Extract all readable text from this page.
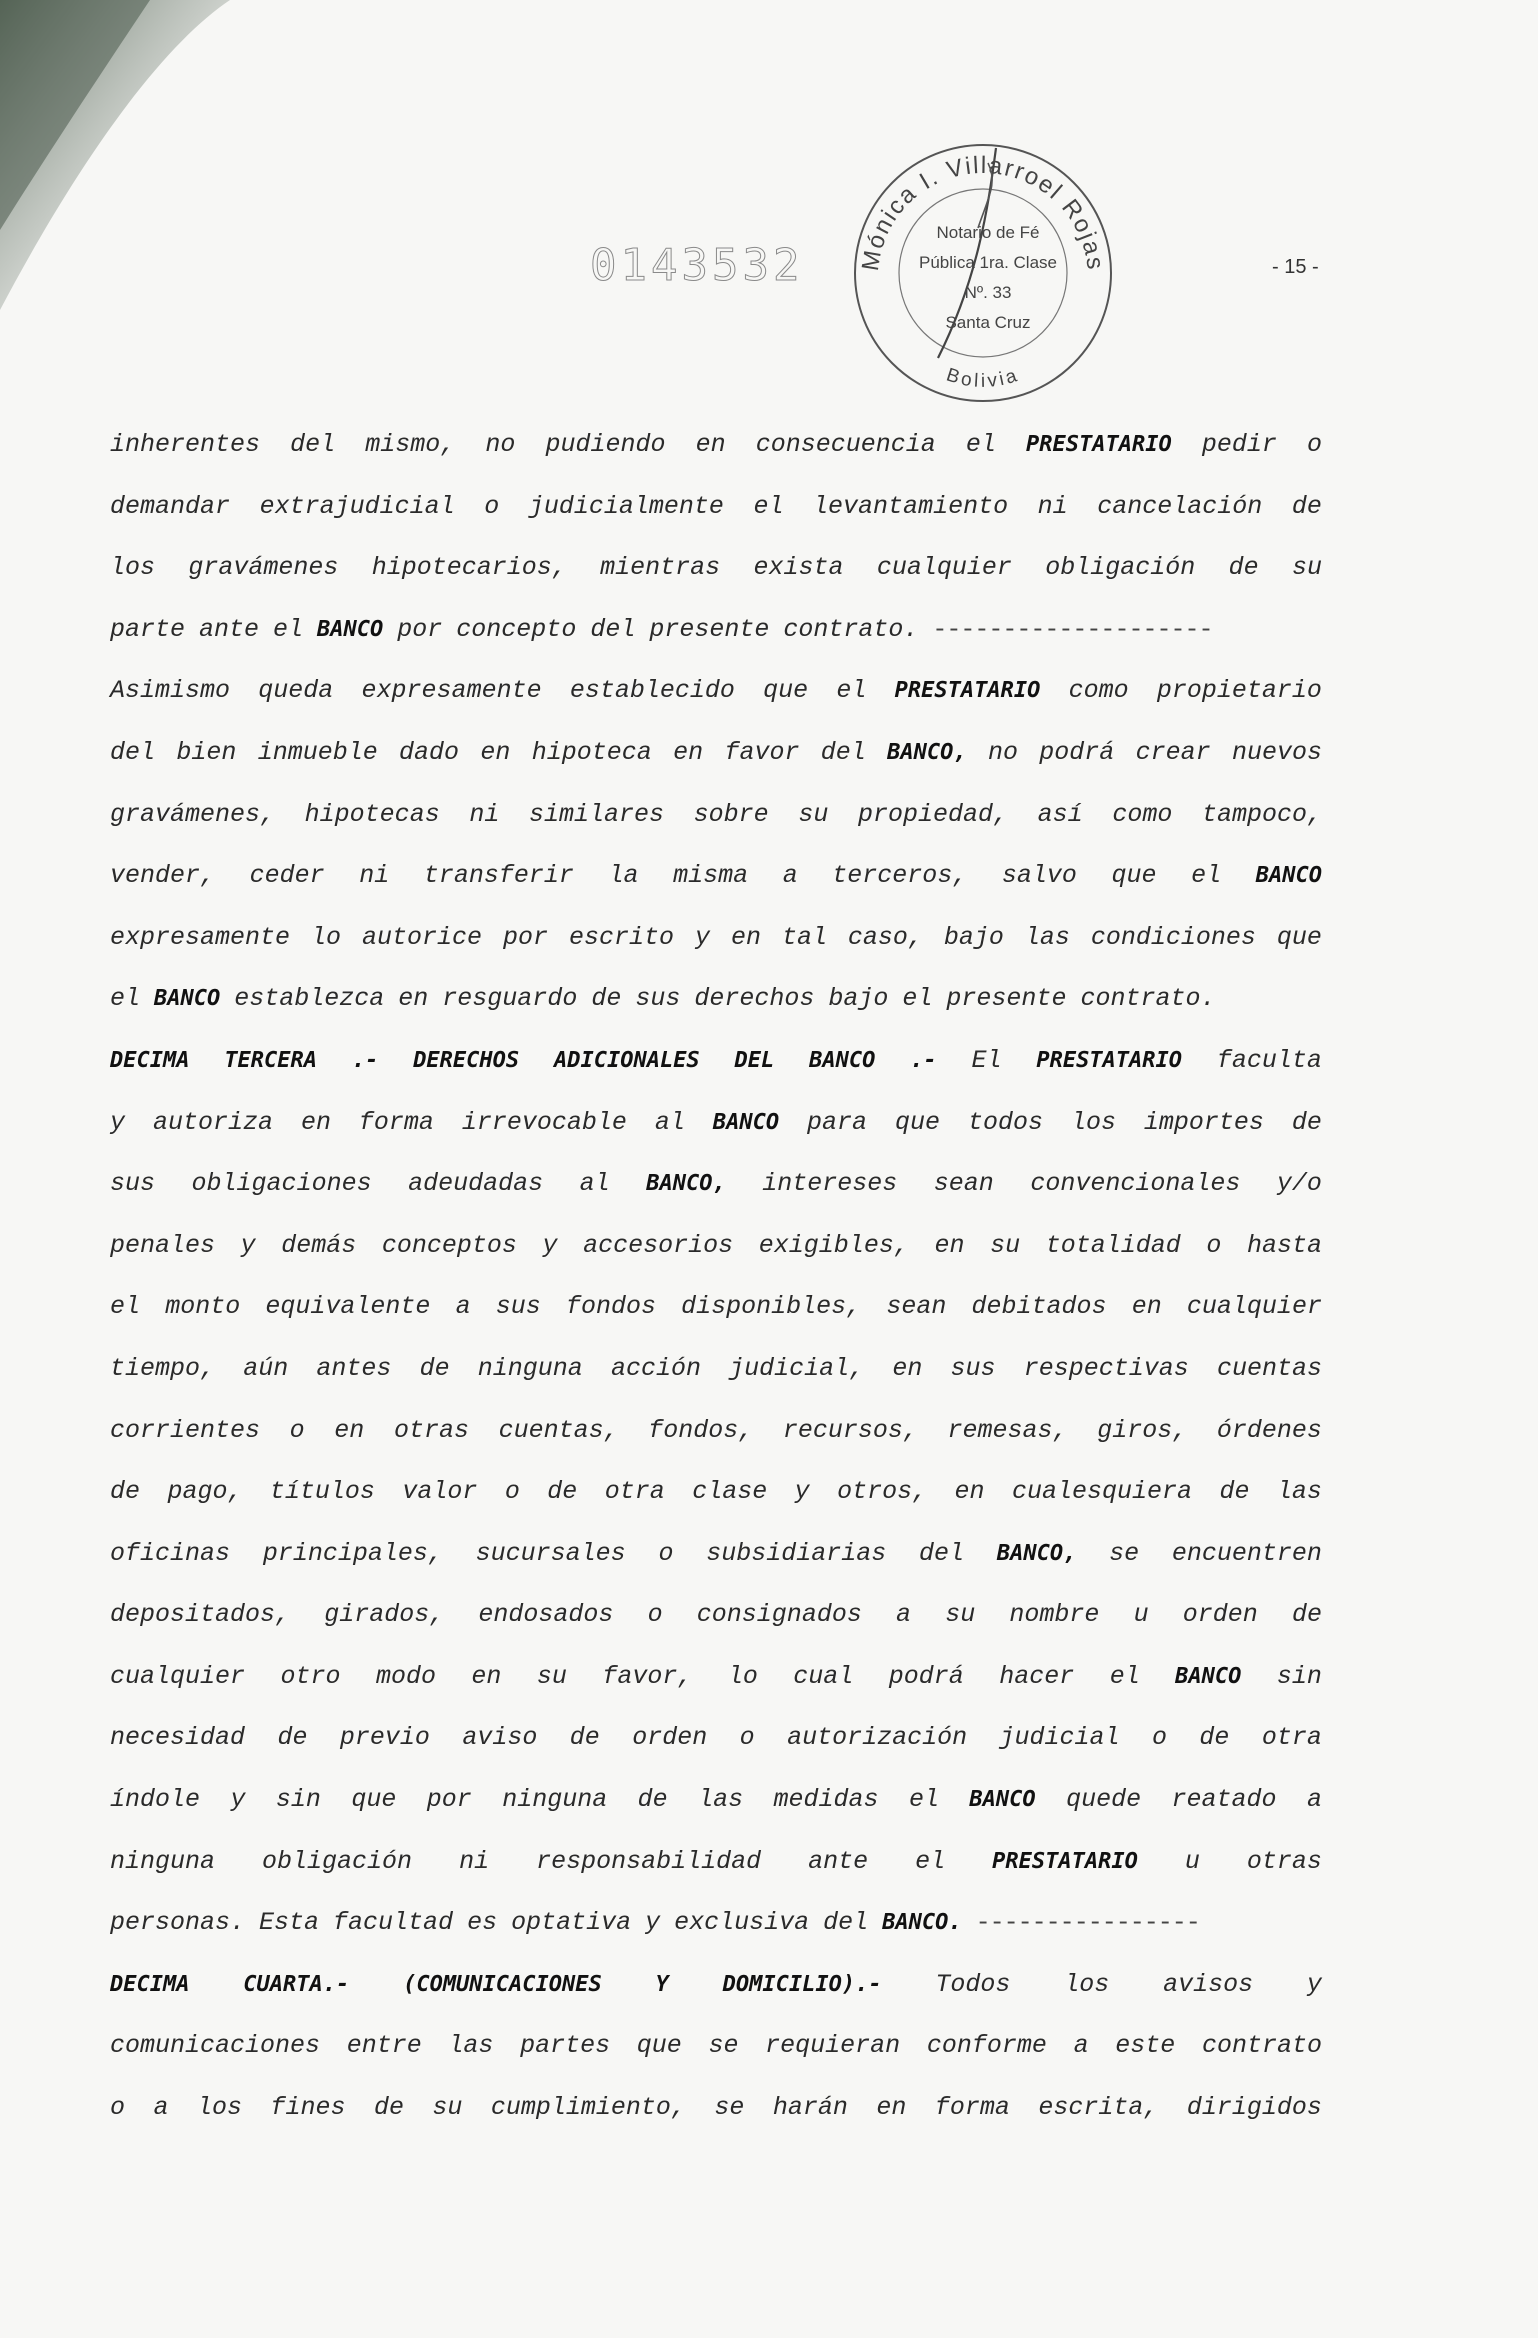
0143532	- 15 -
Mónica I. Villarroel Rojas
Bolivia
Notario de Fé
Pública 1ra. Clase
Nº. 33
Santa Cruz
inherentes del mismo, no pudiendo en consecuencia el PRESTATARIO pedir o
demandar extrajudicial o judicialmente el levantamiento ni cancelación de
los gravámenes hipotecarios, mientras exista cualquier obligación de su
parte ante el BANCO por concepto del presente contrato. --------------------
Asimismo queda expresamente establecido que el PRESTATARIO como propietario
del bien inmueble dado en hipoteca en favor del BANCO, no podrá crear nuevos
gravámenes, hipotecas ni similares sobre su propiedad, así como tampoco,
vender, ceder ni transferir la misma a terceros, salvo que el BANCO
expresamente lo autorice por escrito y en tal caso, bajo las condiciones que
el BANCO establezca en resguardo de sus derechos bajo el presente contrato.
DECIMA TERCERA .- DERECHOS ADICIONALES DEL BANCO .- El PRESTATARIO faculta
y autoriza en forma irrevocable al BANCO para que todos los importes de
sus obligaciones adeudadas al BANCO, intereses sean convencionales y/o
penales y demás conceptos y accesorios exigibles, en su totalidad o hasta
el monto equivalente a sus fondos disponibles, sean debitados en cualquier
tiempo, aún antes de ninguna acción judicial, en sus respectivas cuentas
corrientes o en otras cuentas, fondos, recursos, remesas, giros, órdenes
de pago, títulos valor o de otra clase y otros, en cualesquiera de las
oficinas principales, sucursales o subsidiarias del BANCO, se encuentren
depositados, girados, endosados o consignados a su nombre u orden de
cualquier otro modo en su favor, lo cual podrá hacer el BANCO sin
necesidad de previo aviso de orden o autorización judicial o de otra
índole y sin que por ninguna de las medidas el BANCO quede reatado a
ninguna obligación ni responsabilidad ante el PRESTATARIO u otras
personas. Esta facultad es optativa y exclusiva del BANCO. ----------------
DECIMA CUARTA.- (COMUNICACIONES Y DOMICILIO).- Todos los avisos y
comunicaciones entre las partes que se requieran conforme a este contrato
o a los fines de su cumplimiento, se harán en forma escrita, dirigidos
